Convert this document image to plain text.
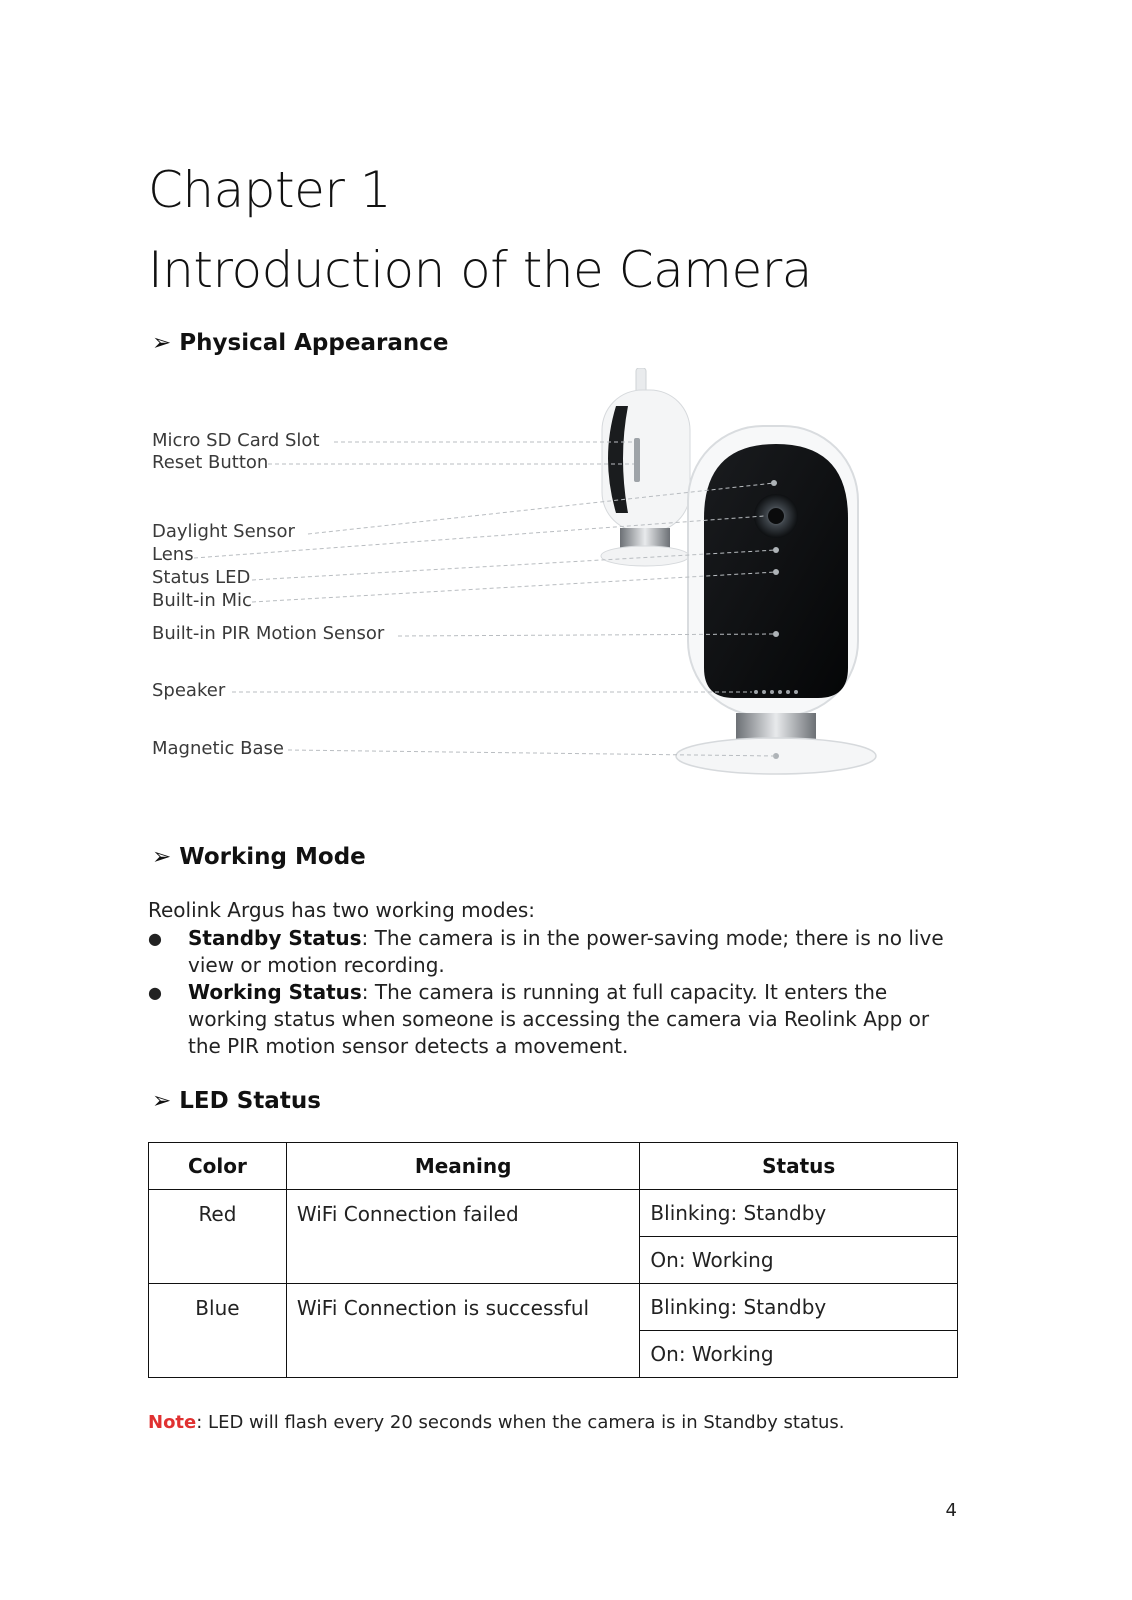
Chapter 1
Introduction of the Camera
➢ Physical Appearance
Micro SD Card Slot
Reset Button
Daylight Sensor
Lens
Status LED
Built-in Mic
Built-in PIR Motion Sensor
Speaker
Magnetic Base
➢ Working Mode

Reolink Argus has two working modes:

● Standby Status: The camera is in the power-saving mode; there is no live view or motion recording.
● Working Status: The camera is running at full capacity. It enters the working status when someone is accessing the camera via Reolink App or the PIR motion sensor detects a movement.
➢ LED Status
Color	Meaning	Status
Red	WiFi Connection failed	Blinking: Standby
		On: Working
Blue	WiFi Connection is successful	Blinking: Standby
		On: Working

Note: LED will flash every 20 seconds when the camera is in Standby status.

4
